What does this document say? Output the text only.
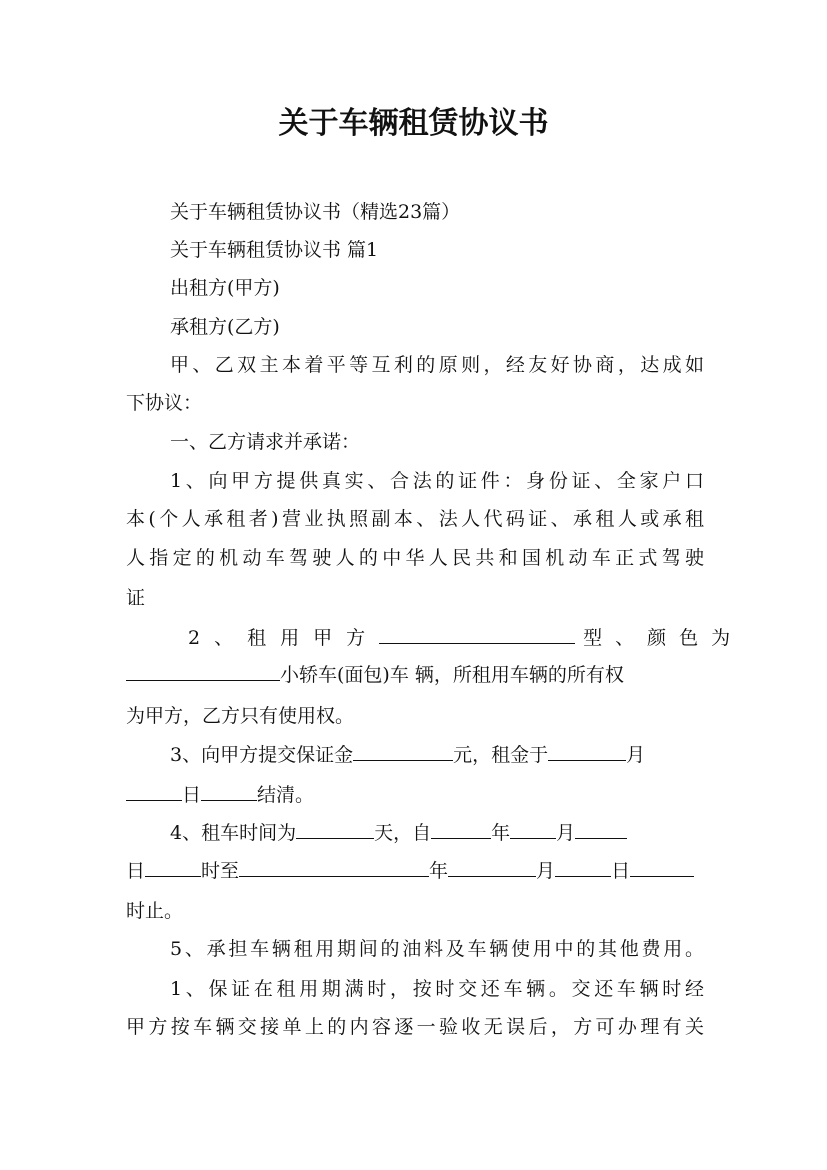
关于车辆租赁协议书
关于车辆租赁协议书（精选23篇）
关于车辆租赁协议书 篇1
出租方(甲方)
承租方(乙方)
甲、乙双主本着平等互利的原则，经友好协商，达成如
下协议：
一、乙方请求并承诺：
1、向甲方提供真实、合法的证件：身份证、全家户口
本(个人承租者)营业执照副本、法人代码证、承租人或承租
人指定的机动车驾驶人的中华人民共和国机动车正式驾驶
证
2、租用甲方	型、颜色为
小轿车(面包)车 辆，所租用车辆的所有权
为甲方，乙方只有使用权。
3、向甲方提交保证金	元，租金于	月
日	结清。
4、租车时间为	天，自	年 月
日	时至	年	月	日
时止。
5、承担车辆租用期间的油料及车辆使用中的其他费用。
1、保证在租用期满时，按时交还车辆。交还车辆时经
甲方按车辆交接单上的内容逐一验收无误后，方可办理有关
